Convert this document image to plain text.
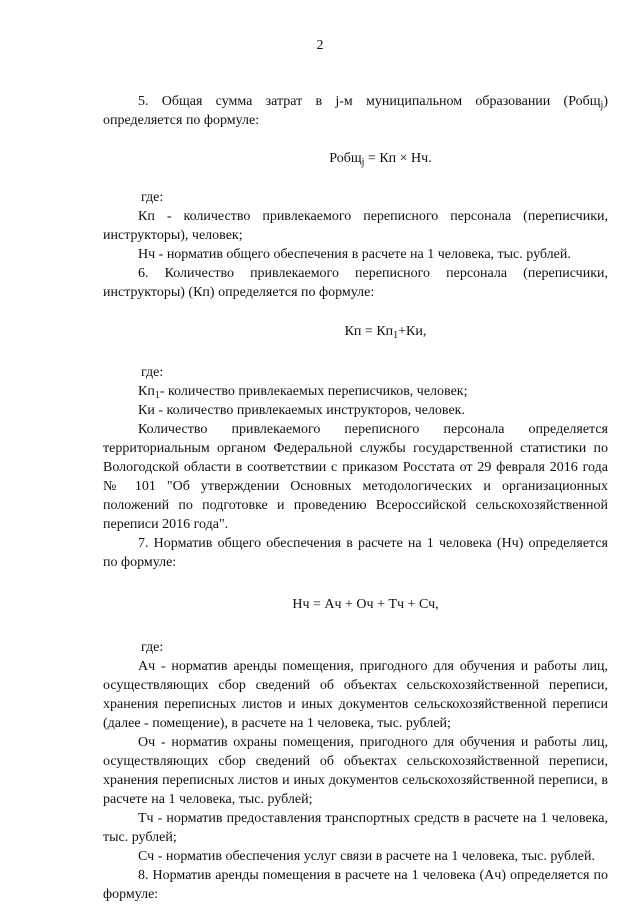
2

5. Общая сумма затрат в j-м муниципальном образовании (Робщ$_j$) определяется по формуле:

Робщ$_j$ = Кп × Нч.

где:

Кп - количество привлекаемого переписного персонала (переписчики, инструкторы), человек;

Нч - норматив общего обеспечения в расчете на 1 человека, тыс. рублей.

6. Количество привлекаемого переписного персонала (переписчики, инструкторы) (Кп) определяется по формуле:

Кп = $Кп_1+Ки$,

где:

$Кп_1-$ количество привлекаемых переписчиков, человек;

Ки - количество привлекаемых инструкторов, человек.

Количество привлекаемого переписного персонала определяется территориальным органом Федеральной службы государственной статистики по Вологодской области в соответствии с приказом Росстата от 29 февраля 2016 года № 101 "Об утверждении Основных методологических и организационных положений по подготовке и проведению Всероссийской сельскохозяйственной переписи 2016 года".

7. Норматив общего обеспечения в расчете на 1 человека (Нч) определяется по формуле:

Нч = Ач + Оч + Тч + Сч,

где:

Ач - норматив аренды помещения, пригодного для обучения и работы лиц, осуществляющих сбор сведений об объектах сельскохозяйственной переписи, хранения переписных листов и иных документов сельскохозяйственной переписи (далее - помещение), в расчете на 1 человека, тыс. рублей;

Оч - норматив охраны помещения, пригодного для обучения и работы лиц, осуществляющих сбор сведений об объектах сельскохозяйственной переписи, хранения переписных листов и иных документов сельскохозяйственной переписи, в расчете на 1 человека, тыс. рублей;

Тч - норматив предоставления транспортных средств в расчете на 1 человека, тыс. рублей;

Сч - норматив обеспечения услуг связи в расчете на 1 человека, тыс. рублей.

8. Норматив аренды помещения в расчете на 1 человека (Ач) определяется по формуле:
